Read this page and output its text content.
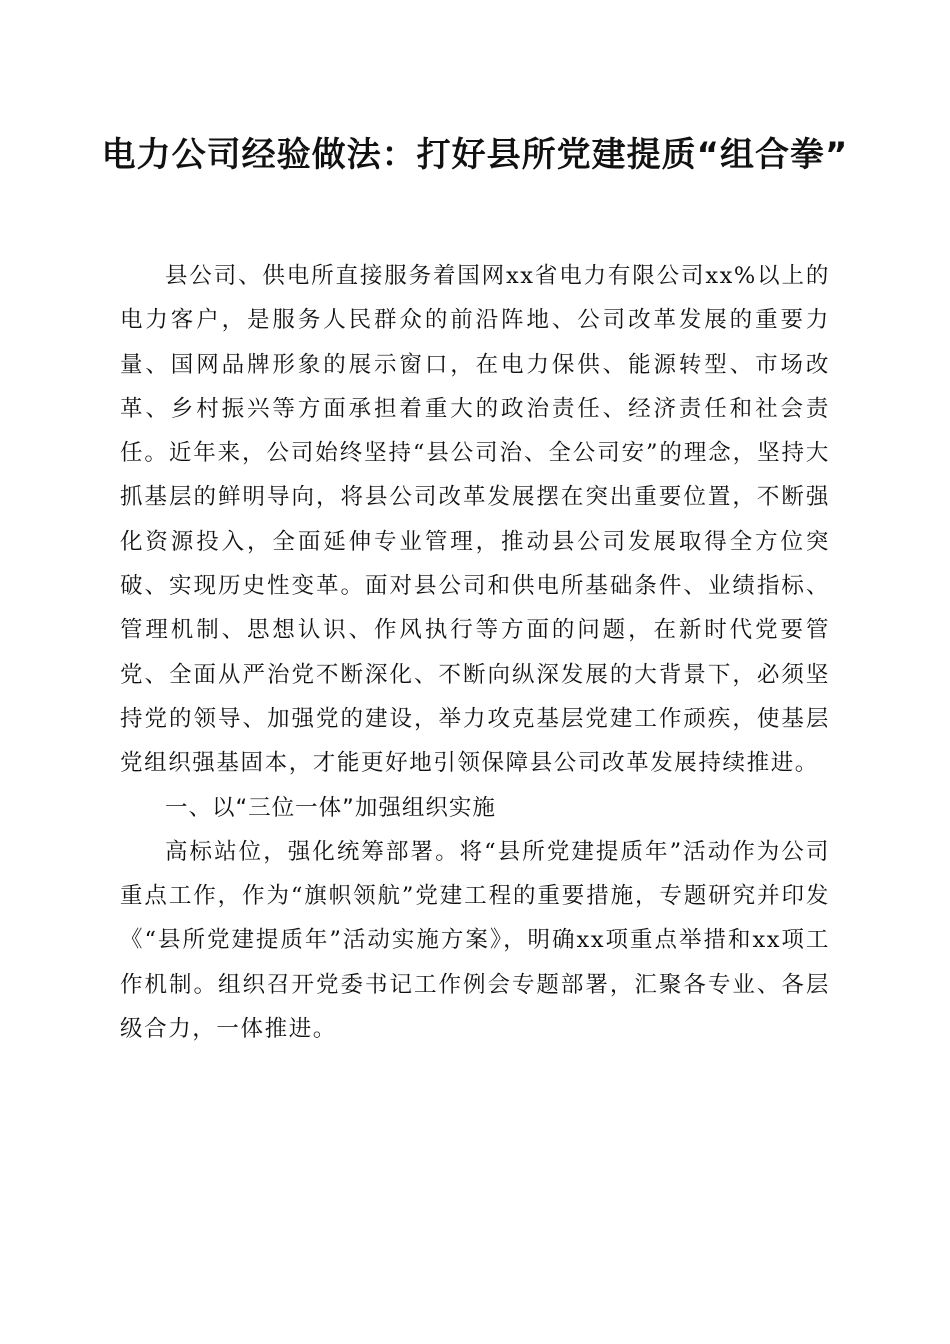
电力公司经验做法：打好县所党建提质“组合拳”

县公司、供电所直接服务着国网xx省电力有限公司xx%以上的电力客户，是服务人民群众的前沿阵地、公司改革发展的重要力量、国网品牌形象的展示窗口，在电力保供、能源转型、市场改革、乡村振兴等方面承担着重大的政治责任、经济责任和社会责任。近年来，公司始终坚持“县公司治、全公司安”的理念，坚持大抓基层的鲜明导向，将县公司改革发展摆在突出重要位置，不断强化资源投入，全面延伸专业管理，推动县公司发展取得全方位突破、实现历史性变革。面对县公司和供电所基础条件、业绩指标、管理机制、思想认识、作风执行等方面的问题，在新时代党要管党、全面从严治党不断深化、不断向纵深发展的大背景下，必须坚持党的领导、加强党的建设，举力攻克基层党建工作顽疾，使基层党组织强基固本，才能更好地引领保障县公司改革发展持续推进。

一、以“三位一体”加强组织实施

高标站位，强化统筹部署。将“县所党建提质年”活动作为公司重点工作，作为“旗帜领航”党建工程的重要措施，专题研究并印发《“县所党建提质年”活动实施方案》，明确xx项重点举措和xx项工作机制。组织召开党委书记工作例会专题部署，汇聚各专业、各层级合力，一体推进。
